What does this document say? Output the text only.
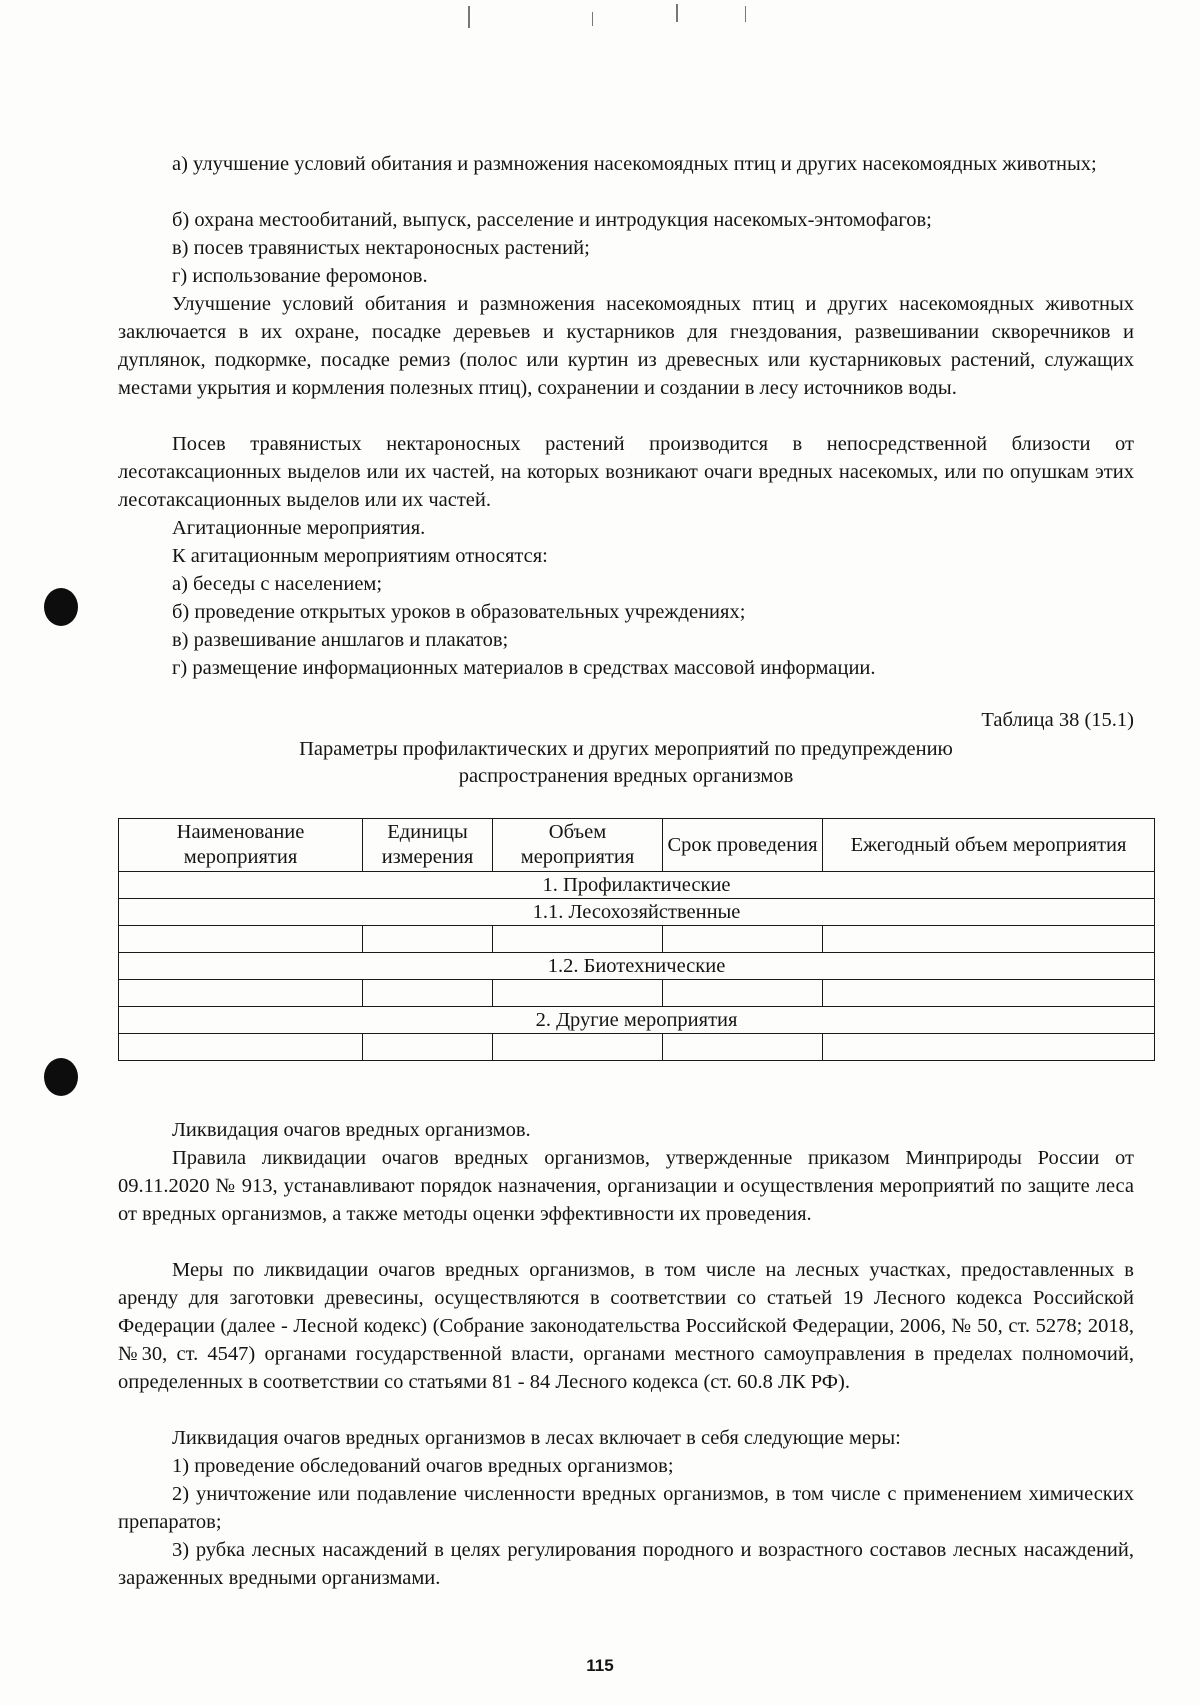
а) улучшение условий обитания и размножения насекомоядных птиц и других насекомоядных животных;
б) охрана местообитаний, выпуск, расселение и интродукция насекомых-энтомофагов;
в) посев травянистых нектароносных растений;
г) использование феромонов.
Улучшение условий обитания и размножения насекомоядных птиц и других насекомоядных животных заключается в их охране, посадке деревьев и кустарников для гнездования, развешивании скворечников и дуплянок, подкормке, посадке ремиз (полос или куртин из древесных или кустарниковых растений, служащих местами укрытия и кормления полезных птиц), сохранении и создании в лесу источников воды.
Посев травянистых нектароносных растений производится в непосредственной близости от лесотаксационных выделов или их частей, на которых возникают очаги вредных насекомых, или по опушкам этих лесотаксационных выделов или их частей.
Агитационные мероприятия.
К агитационным мероприятиям относятся:
а) беседы с населением;
б) проведение открытых уроков в образовательных учреждениях;
в) развешивание аншлагов и плакатов;
г) размещение информационных материалов в средствах массовой информации.
Таблица 38 (15.1)
Параметры профилактических и других мероприятий по предупреждению
распространения вредных организмов
Наименование мероприятия	Единицы измерения	Объем мероприятия	Срок проведения	Ежегодный объем мероприятия
1. Профилактические				
1.1. Лесохозяйственные				

1.2. Биотехнические				

2. Другие мероприятия				

Ликвидация очагов вредных организмов.
Правила ликвидации очагов вредных организмов, утвержденные приказом Минприроды России от 09.11.2020 № 913, устанавливают порядок назначения, организации и осуществления мероприятий по защите леса от вредных организмов, а также методы оценки эффективности их проведения.
Меры по ликвидации очагов вредных организмов, в том числе на лесных участках, предоставленных в аренду для заготовки древесины, осуществляются в соответствии со статьей 19 Лесного кодекса Российской Федерации (далее - Лесной кодекс) (Собрание законодательства Российской Федерации, 2006, № 50, ст. 5278; 2018, №30, ст. 4547) органами государственной власти, органами местного самоуправления в пределах полномочий, определенных в соответствии со статьями 81 - 84 Лесного кодекса (ст. 60.8 ЛК РФ).
Ликвидация очагов вредных организмов в лесах включает в себя следующие меры:
1) проведение обследований очагов вредных организмов;
2) уничтожение или подавление численности вредных организмов, в том числе с применением химических препаратов;
3) рубка лесных насаждений в целях регулирования породного и возрастного составов лесных насаждений, зараженных вредными организмами.
115
